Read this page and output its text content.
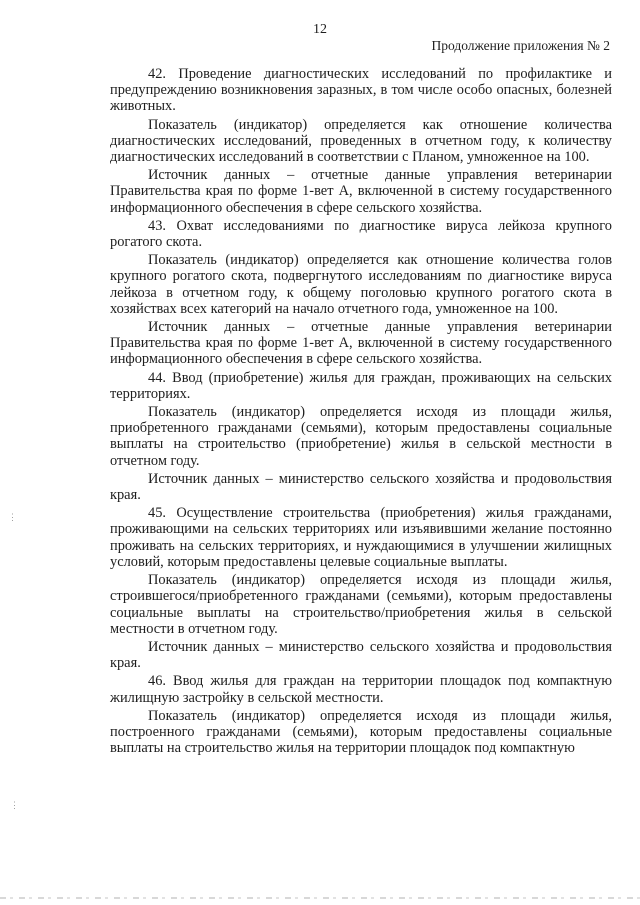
12
Продолжение приложения № 2

42. Проведение диагностических исследований по профилактике и предупреждению возникновения заразных, в том числе особо опасных, болезней животных.

Показатель (индикатор) определяется как отношение количества диагностических исследований, проведенных в отчетном году, к количеству диагностических исследований в соответствии с Планом, умноженное на 100.

Источник данных – отчетные данные управления ветеринарии Правительства края по форме 1-вет А, включенной в систему государственного информационного обеспечения в сфере сельского хозяйства.

43. Охват исследованиями по диагностике вируса лейкоза крупного рогатого скота.

Показатель (индикатор) определяется как отношение количества голов крупного рогатого скота, подвергнутого исследованиям по диагностике вируса лейкоза в отчетном году, к общему поголовью крупного рогатого скота в хозяйствах всех категорий на начало отчетного года, умноженное на 100.

Источник данных – отчетные данные управления ветеринарии Правительства края по форме 1-вет А, включенной в систему государственного информационного обеспечения в сфере сельского хозяйства.

44. Ввод (приобретение) жилья для граждан, проживающих на сельских территориях.

Показатель (индикатор) определяется исходя из площади жилья, приобретенного гражданами (семьями), которым предоставлены социальные выплаты на строительство (приобретение) жилья в сельской местности в отчетном году.

Источник данных – министерство сельского хозяйства и продовольствия края.

45. Осуществление строительства (приобретения) жилья гражданами, проживающими на сельских территориях или изъявившими желание постоянно проживать на сельских территориях, и нуждающимися в улучшении жилищных условий, которым предоставлены целевые социальные выплаты.

Показатель (индикатор) определяется исходя из площади жилья, строившегося/приобретенного гражданами (семьями), которым предоставлены социальные выплаты на строительство/приобретения жилья в сельской местности в отчетном году.

Источник данных – министерство сельского хозяйства и продовольствия края.

46. Ввод жилья для граждан на территории площадок под компактную жилищную застройку в сельской местности.

Показатель (индикатор) определяется исходя из площади жилья, построенного гражданами (семьями), которым предоставлены социальные выплаты на строительство жилья на территории площадок под компактную

⋮
⋮
